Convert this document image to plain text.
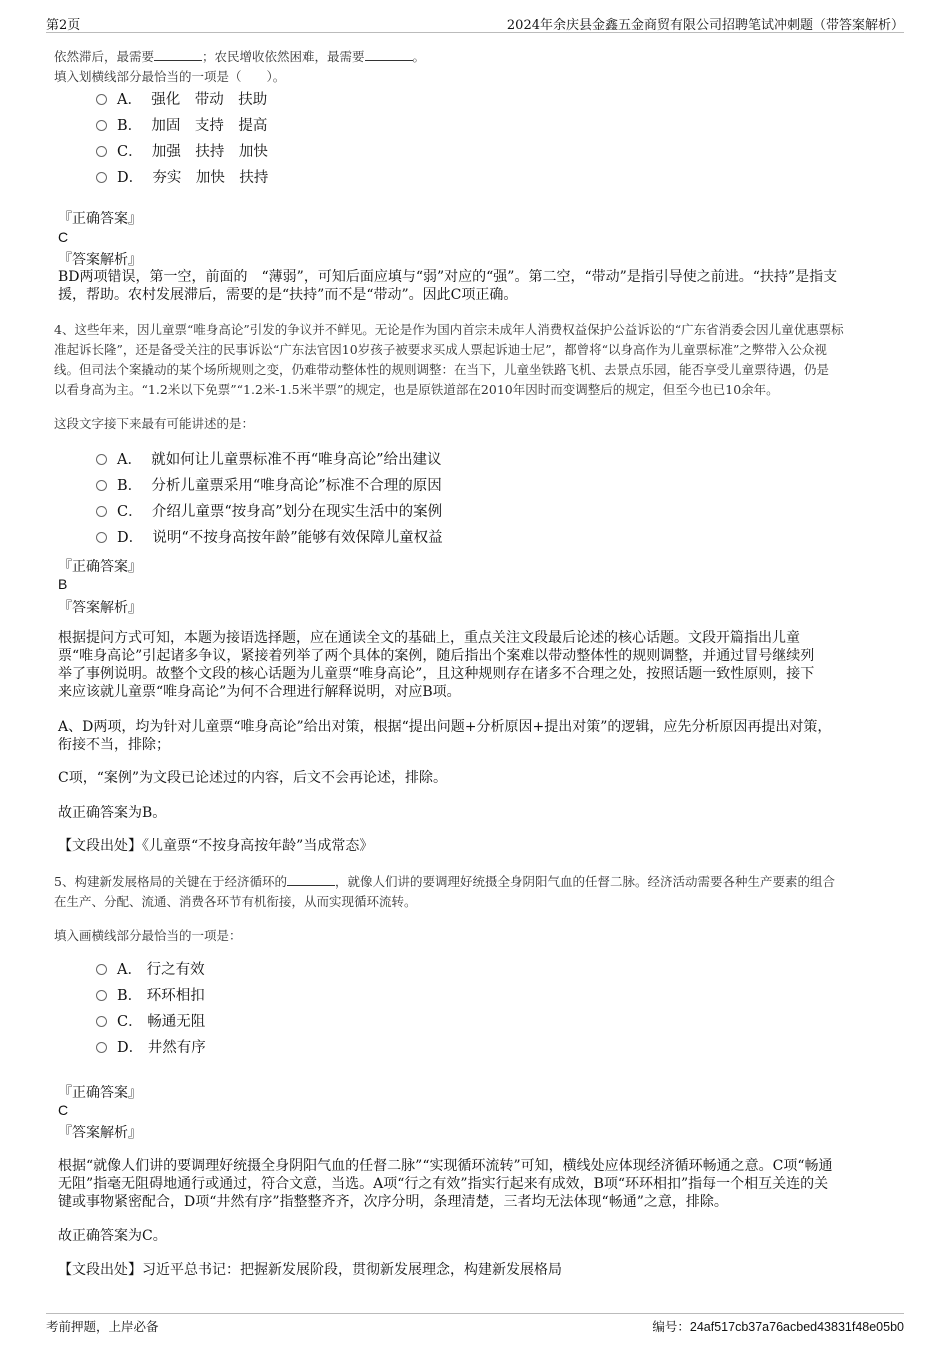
第2页	2024年余庆县金鑫五金商贸有限公司招聘笔试冲刺题（带答案解析）
依然滞后，最需要	；农民增收依然困难，最需要	。
填入划横线部分最恰当的一项是（　　）。
A． 强化　带动　扶助
B． 加固　支持　提高
C． 加强　扶持　加快
D． 夯实　加快　扶持
『正确答案』
C
『答案解析』
BD两项错误，第一空，前面的　“薄弱”，可知后面应填与“弱”对应的“强”。第二空，“带动”是指引导使之前进。“扶持”是指支
援，帮助。农村发展滞后，需要的是“扶持”而不是“带动”。因此C项正确。
4、这些年来，因儿童票“唯身高论”引发的争议并不鲜见。无论是作为国内首宗未成年人消费权益保护公益诉讼的“广东省消委会因儿童优惠票标
准起诉长隆”，还是备受关注的民事诉讼“广东法官因10岁孩子被要求买成人票起诉迪士尼”，都曾将“以身高作为儿童票标准”之弊带入公众视
线。但司法个案撬动的某个场所规则之变，仍难带动整体性的规则调整：在当下，儿童坐铁路飞机、去景点乐园，能否享受儿童票待遇，仍是
以看身高为主。“1.2米以下免票”“1.2米-1.5米半票”的规定，也是原铁道部在2010年因时而变调整后的规定，但至今也已10余年。
这段文字接下来最有可能讲述的是：
A． 就如何让儿童票标准不再“唯身高论”给出建议
B． 分析儿童票采用“唯身高论”标准不合理的原因
C． 介绍儿童票“按身高”划分在现实生活中的案例
D． 说明“不按身高按年龄”能够有效保障儿童权益
『正确答案』
B
『答案解析』
根据提问方式可知，本题为接语选择题，应在通读全文的基础上，重点关注文段最后论述的核心话题。文段开篇指出儿童
票“唯身高论”引起诸多争议，紧接着列举了两个具体的案例，随后指出个案难以带动整体性的规则调整，并通过冒号继续列
举了事例说明。故整个文段的核心话题为儿童票“唯身高论”，且这种规则存在诸多不合理之处，按照话题一致性原则，接下
来应该就儿童票“唯身高论”为何不合理进行解释说明，对应B项。
A、D两项，均为针对儿童票“唯身高论”给出对策，根据“提出问题+分析原因+提出对策”的逻辑，应先分析原因再提出对策，
衔接不当，排除；
C项，“案例”为文段已论述过的内容，后文不会再论述，排除。
故正确答案为B。
【文段出处】《儿童票“不按身高按年龄”当成常态》
5、构建新发展格局的关键在于经济循环的	，就像人们讲的要调理好统摄全身阴阳气血的任督二脉。经济活动需要各种生产要素的组合
在生产、分配、流通、消费各环节有机衔接，从而实现循环流转。
填入画横线部分最恰当的一项是：
A． 行之有效
B． 环环相扣
C． 畅通无阻
D． 井然有序
『正确答案』
C
『答案解析』
根据“就像人们讲的要调理好统摄全身阴阳气血的任督二脉”“实现循环流转”可知，横线处应体现经济循环畅通之意。C项“畅通
无阻”指毫无阻碍地通行或通过，符合文意，当选。A项“行之有效”指实行起来有成效，B项“环环相扣”指每一个相互关连的关
键或事物紧密配合，D项“井然有序”指整整齐齐，次序分明，条理清楚，三者均无法体现“畅通”之意，排除。
故正确答案为C。
【文段出处】习近平总书记：把握新发展阶段，贯彻新发展理念，构建新发展格局
考前押题，上岸必备	编号：24af517cb37a76acbed43831f48e05b0
